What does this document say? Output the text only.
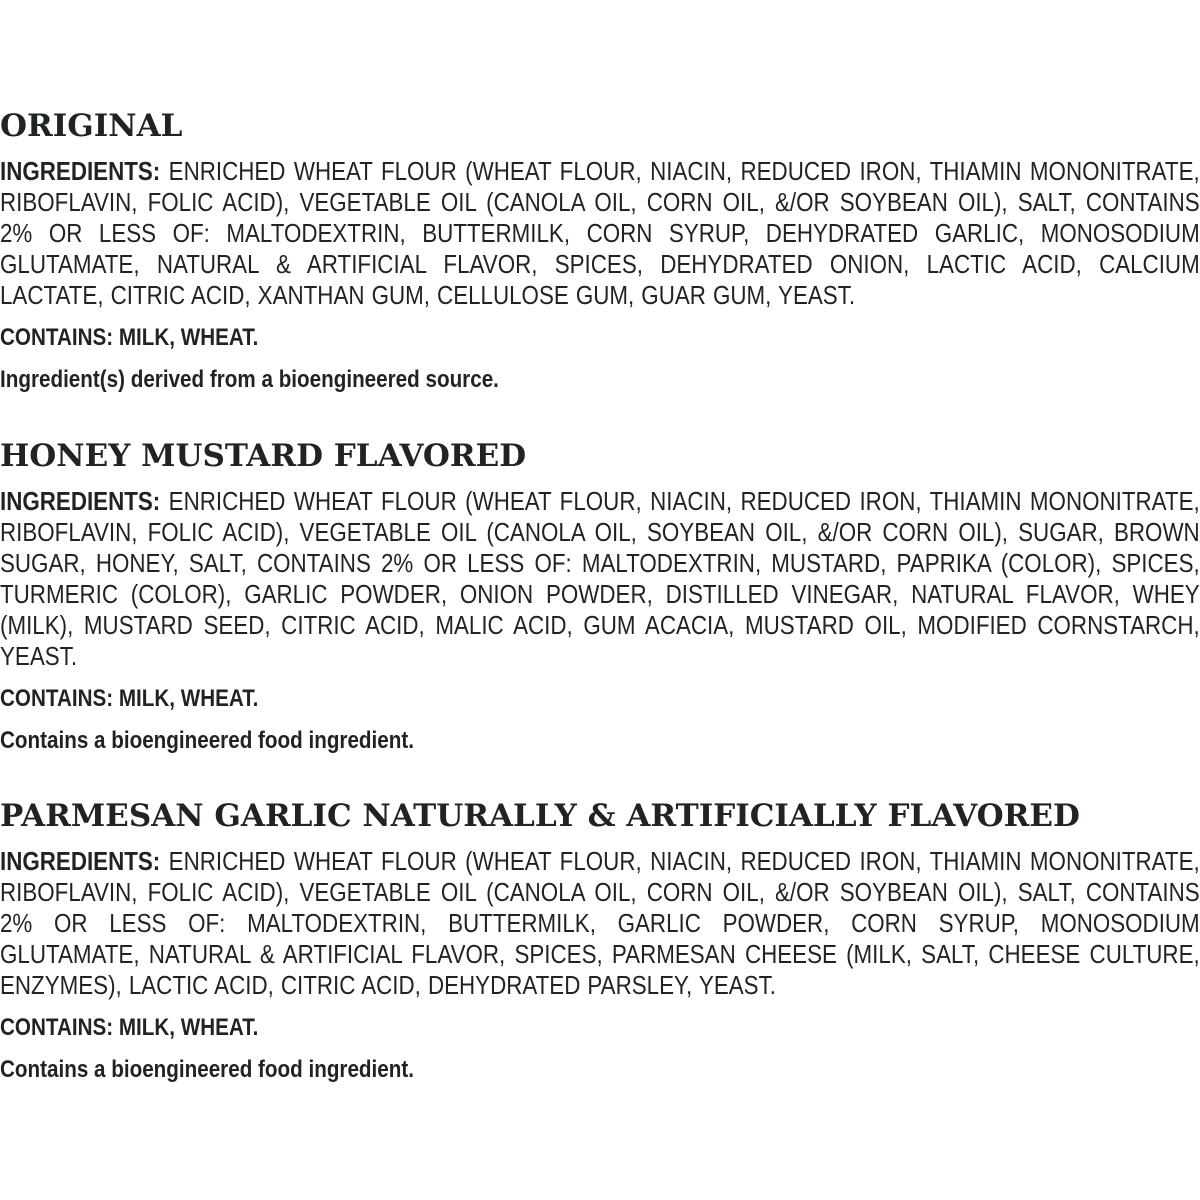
ORIGINAL

INGREDIENTS: ENRICHED WHEAT FLOUR (WHEAT FLOUR, NIACIN, REDUCED IRON, THIAMIN MONONITRATE, RIBOFLAVIN, FOLIC ACID), VEGETABLE OIL (CANOLA OIL, CORN OIL, &/OR SOYBEAN OIL), SALT, CONTAINS 2% OR LESS OF: MALTODEXTRIN, BUTTERMILK, CORN SYRUP, DEHYDRATED GARLIC, MONOSODIUM GLUTAMATE, NATURAL & ARTIFICIAL FLAVOR, SPICES, DEHYDRATED ONION, LACTIC ACID, CALCIUM LACTATE, CITRIC ACID, XANTHAN GUM, CELLULOSE GUM, GUAR GUM, YEAST.

CONTAINS: MILK, WHEAT.
Ingredient(s) derived from a bioengineered source.
HONEY MUSTARD FLAVORED

INGREDIENTS: ENRICHED WHEAT FLOUR (WHEAT FLOUR, NIACIN, REDUCED IRON, THIAMIN MONONITRATE, RIBOFLAVIN, FOLIC ACID), VEGETABLE OIL (CANOLA OIL, SOYBEAN OIL, &/OR CORN OIL), SUGAR, BROWN SUGAR, HONEY, SALT, CONTAINS 2% OR LESS OF: MALTODEXTRIN, MUSTARD, PAPRIKA (COLOR), SPICES, TURMERIC (COLOR), GARLIC POWDER, ONION POWDER, DISTILLED VINEGAR, NATURAL FLAVOR, WHEY (MILK), MUSTARD SEED, CITRIC ACID, MALIC ACID, GUM ACACIA, MUSTARD OIL, MODIFIED CORNSTARCH, YEAST.

CONTAINS: MILK, WHEAT.
Contains a bioengineered food ingredient.
PARMESAN GARLIC NATURALLY & ARTIFICIALLY FLAVORED

INGREDIENTS: ENRICHED WHEAT FLOUR (WHEAT FLOUR, NIACIN, REDUCED IRON, THIAMIN MONONITRATE, RIBOFLAVIN, FOLIC ACID), VEGETABLE OIL (CANOLA OIL, CORN OIL, &/OR SOYBEAN OIL), SALT, CONTAINS 2% OR LESS OF: MALTODEXTRIN, BUTTERMILK, GARLIC POWDER, CORN SYRUP, MONOSODIUM GLUTAMATE, NATURAL & ARTIFICIAL FLAVOR, SPICES, PARMESAN CHEESE (MILK, SALT, CHEESE CULTURE, ENZYMES), LACTIC ACID, CITRIC ACID, DEHYDRATED PARSLEY, YEAST.

CONTAINS: MILK, WHEAT.
Contains a bioengineered food ingredient.
